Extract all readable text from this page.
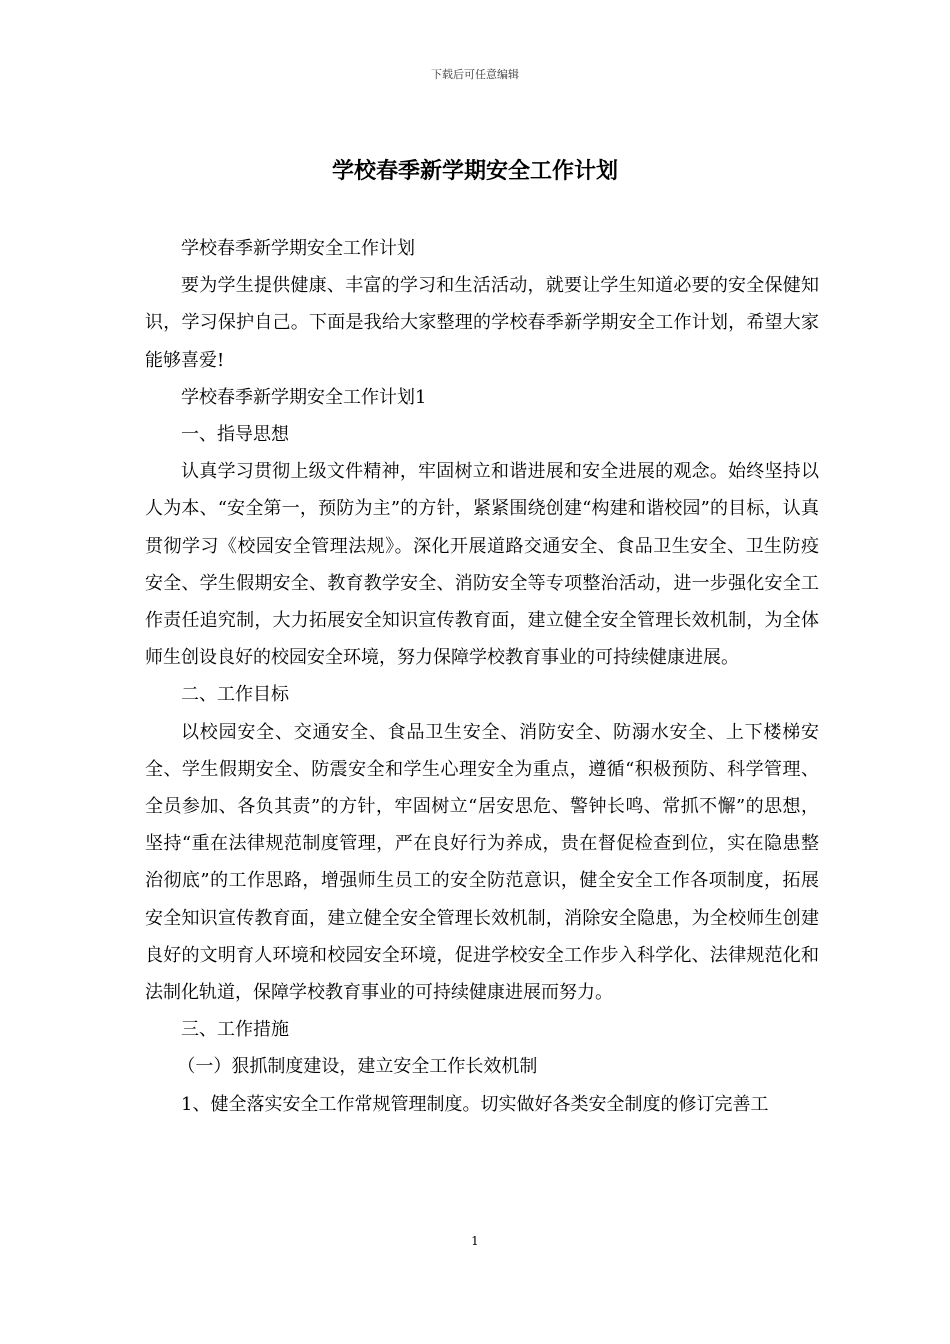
下载后可任意编辑
学校春季新学期安全工作计划

学校春季新学期安全工作计划

要为学生提供健康、丰富的学习和生活活动，就要让学生知道必要的安全保健知识，学习保护自己。下面是我给大家整理的学校春季新学期安全工作计划，希望大家能够喜爱!

学校春季新学期安全工作计划1

一、指导思想

认真学习贯彻上级文件精神，牢固树立和谐进展和安全进展的观念。始终坚持以人为本、“安全第一，预防为主”的方针，紧紧围绕创建“构建和谐校园”的目标，认真贯彻学习《校园安全管理法规》。深化开展道路交通安全、食品卫生安全、卫生防疫安全、学生假期安全、教育教学安全、消防安全等专项整治活动，进一步强化安全工作责任追究制，大力拓展安全知识宣传教育面，建立健全安全管理长效机制，为全体师生创设良好的校园安全环境，努力保障学校教育事业的可持续健康进展。

二、工作目标

以校园安全、交通安全、食品卫生安全、消防安全、防溺水安全、上下楼梯安全、学生假期安全、防震安全和学生心理安全为重点，遵循“积极预防、科学管理、全员参加、各负其责”的方针，牢固树立“居安思危、警钟长鸣、常抓不懈”的思想，坚持“重在法律规范制度管理，严在良好行为养成，贵在督促检查到位，实在隐患整治彻底”的工作思路，增强师生员工的安全防范意识，健全安全工作各项制度，拓展安全知识宣传教育面，建立健全安全管理长效机制，消除安全隐患，为全校师生创建良好的文明育人环境和校园安全环境，促进学校安全工作步入科学化、法律规范化和法制化轨道，保障学校教育事业的可持续健康进展而努力。

三、工作措施

（一）狠抓制度建设，建立安全工作长效机制

1、健全落实安全工作常规管理制度。切实做好各类安全制度的修订完善工

1
